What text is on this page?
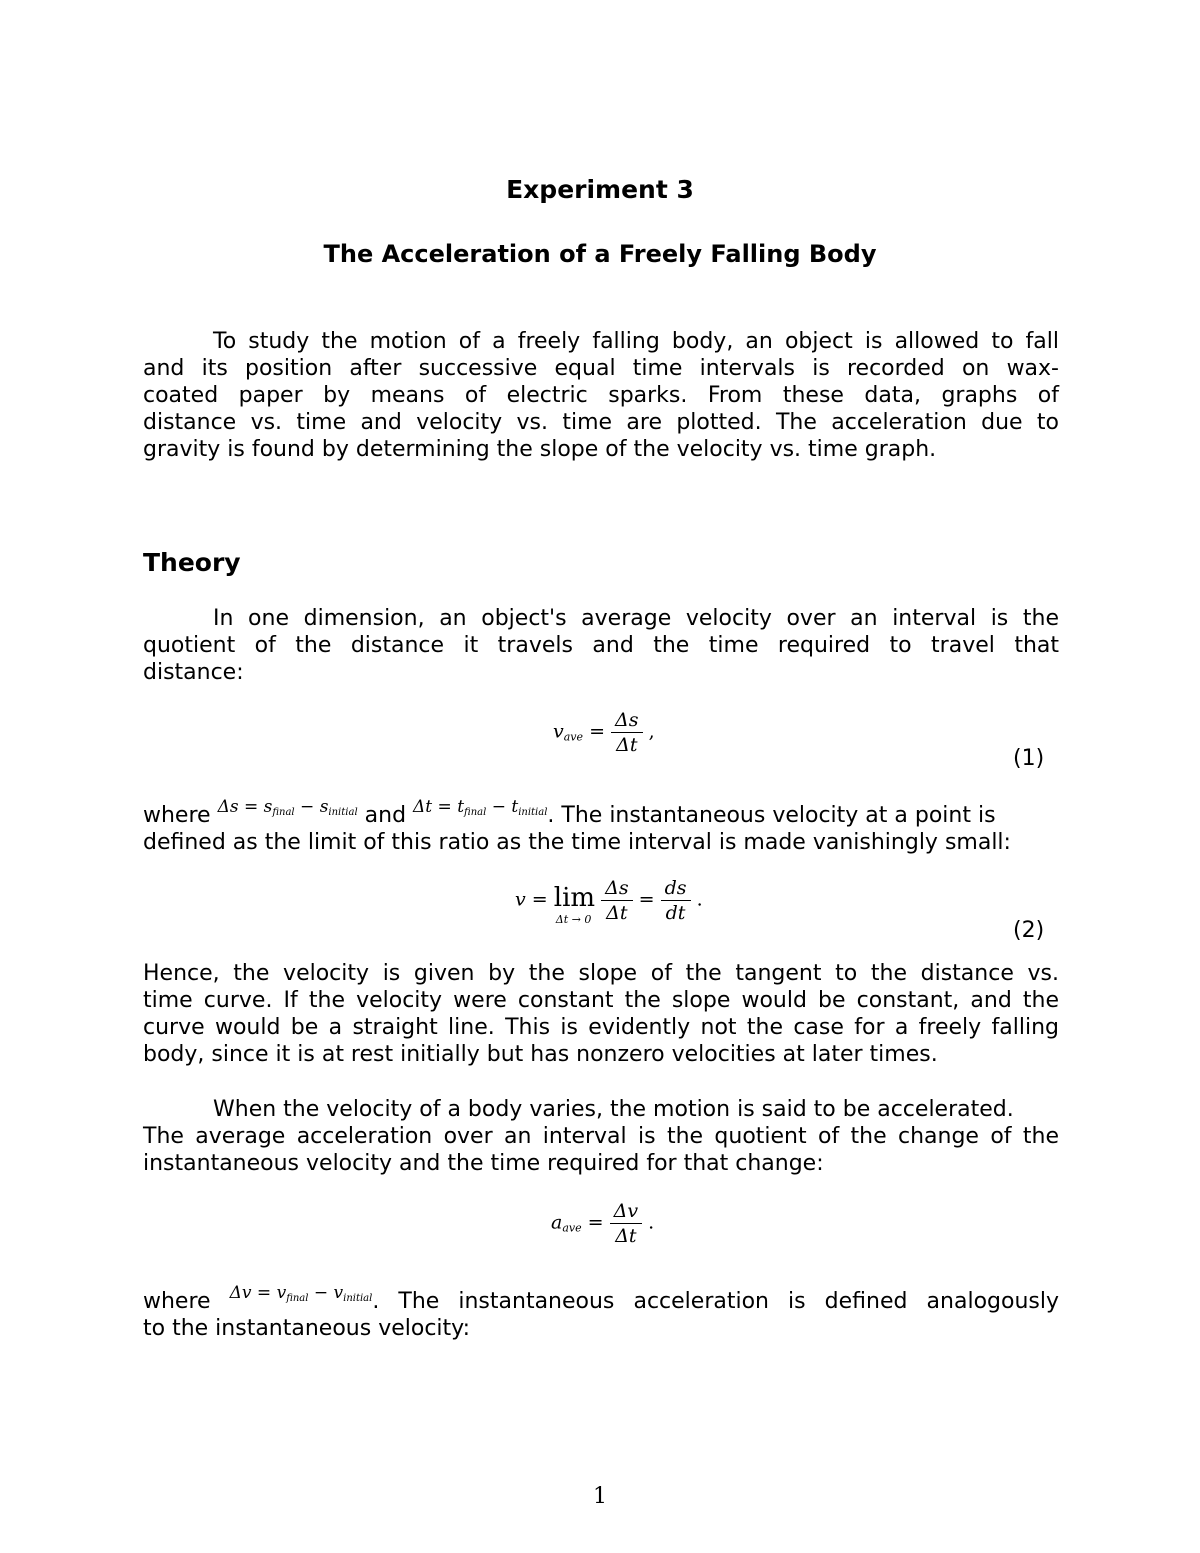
Experiment 3
The Acceleration of a Freely Falling Body

To study the motion of a freely falling body, an object is allowed to fall

and its position after successive equal time intervals is recorded on wax-

coated paper by means of electric sparks. From these data, graphs of

distance vs. time and velocity vs. time are plotted. The acceleration due to

gravity is found by determining the slope of the velocity vs. time graph.

Theory

In one dimension, an object's average velocity over an interval is the

quotient of the distance it travels and the time required to travel that

distance:

$v_{ave} = \frac{\Delta s}{\Delta t}$ ,
(1)

where $\Delta s = s_{final} - s_{initial}$ and $\Delta t = t_{final} - t_{initial}$. The instantaneous velocity at a point is

defined as the limit of this ratio as the time interval is made vanishingly small:

v = lim
Δt → 0
$\frac{\Delta s}{\Delta t} = \frac{ds}{dt}$ .
(2)

Hence, the velocity is given by the slope of the tangent to the distance vs.

time curve. If the velocity were constant the slope would be constant, and the

curve would be a straight line. This is evidently not the case for a freely falling

body, since it is at rest initially but has nonzero velocities at later times.

When the velocity of a body varies, the motion is said to be accelerated.

The average acceleration over an interval is the quotient of the change of the

instantaneous velocity and the time required for that change:

$a_{ave} = \frac{\Delta v}{\Delta t}$ .

where $\Delta v = v_{final} - v_{initial}$. The instantaneous acceleration is defined analogously

to the instantaneous velocity:

1
